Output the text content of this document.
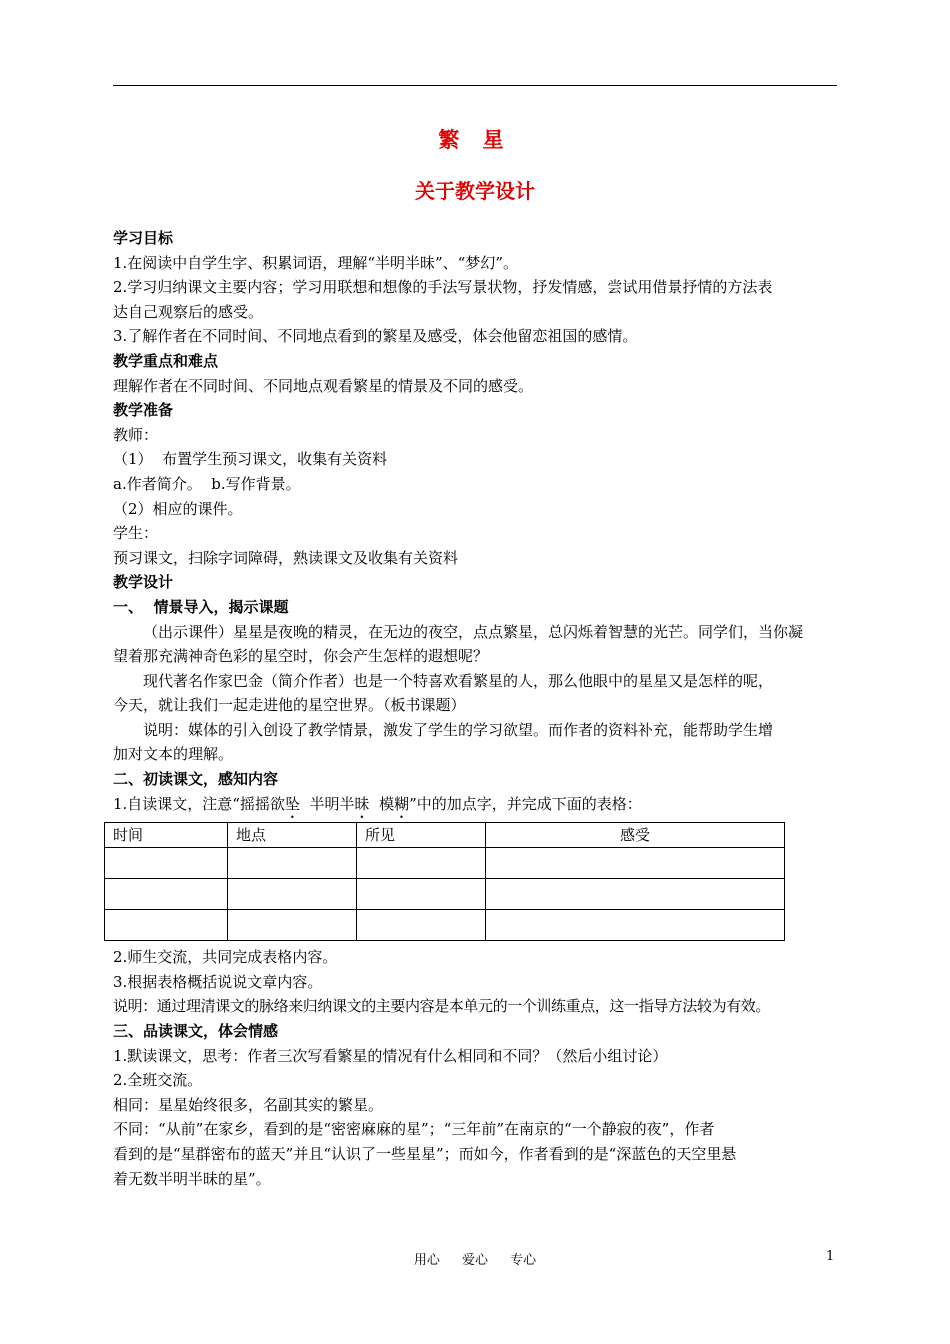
繁 星
关于教学设计

学习目标

1.在阅读中自学生字、积累词语，理解“半明半昧”、“梦幻”。

2.学习归纳课文主要内容；学习用联想和想像的手法写景状物，抒发情感，尝试用借景抒情的方法表

达自己观察后的感受。

3.了解作者在不同时间、不同地点看到的繁星及感受，体会他留恋祖国的感情。

教学重点和难点

理解作者在不同时间、不同地点观看繁星的情景及不同的感受。

教学准备

教师：

（1）  布置学生预习课文，收集有关资料

a.作者简介。  b.写作背景。

（2）相应的课件。

学生：

预习课文，扫除字词障碍，熟读课文及收集有关资料

教学设计

一、  情景导入，揭示课题

（出示课件）星星是夜晚的精灵，在无边的夜空，点点繁星，总闪烁着智慧的光芒。同学们，当你凝

望着那充满神奇色彩的星空时，你会产生怎样的遐想呢？

现代著名作家巴金（简介作者）也是一个特喜欢看繁星的人，那么他眼中的星星又是怎样的呢，

今天，就让我们一起走进他的星空世界。（板书课题）

说明：媒体的引入创设了教学情景，激发了学生的学习欲望。而作者的资料补充，能帮助学生增

加对文本的理解。

二、初读课文，感知内容

1.自读课文，注意“摇摇欲坠  半明半昧  模糊”中的加点字，并完成下面的表格：

时间	地点	所见	感受

2.师生交流，共同完成表格内容。

3.根据表格概括说说文章内容。

说明：通过理清课文的脉络来归纳课文的主要内容是本单元的一个训练重点，这一指导方法较为有效。

三、品读课文，体会情感

1.默读课文，思考：作者三次写看繁星的情况有什么相同和不同？（然后小组讨论）

2.全班交流。

相同：星星始终很多，名副其实的繁星。

不同：“从前”在家乡，看到的是“密密麻麻的星”；“三年前”在南京的“一个静寂的夜”，作者

看到的是“星群密布的蓝天”并且“认识了一些星星”；而如今，作者看到的是“深蓝色的天空里悬

着无数半明半昧的星”。

用心 爱心 专心	1
